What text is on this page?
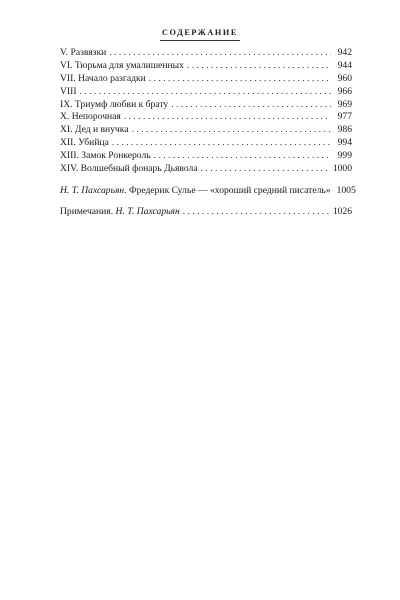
СОДЕРЖАНИЕ
V. Развязки . . .	942
VI. Тюрьма для умалишенных . . .	944
VII. Начало разгадки . . .	960
VIII . . .	966
IX. Триумф любви к брату . . .	969
X. Непорочная . . .	977
XI. Дед и внучка . . .	986
XII. Убийца . . .	994
XIII. Замок Ронкероль . . .	999
XIV. Волшебный фонарь Дьявола . . .	1000
Н. Т. Пахсарьян. Фредерик Сулье — «хороший средний писатель» 1005
Примечания. Н. Т. Пахсарьян . . .	1026
